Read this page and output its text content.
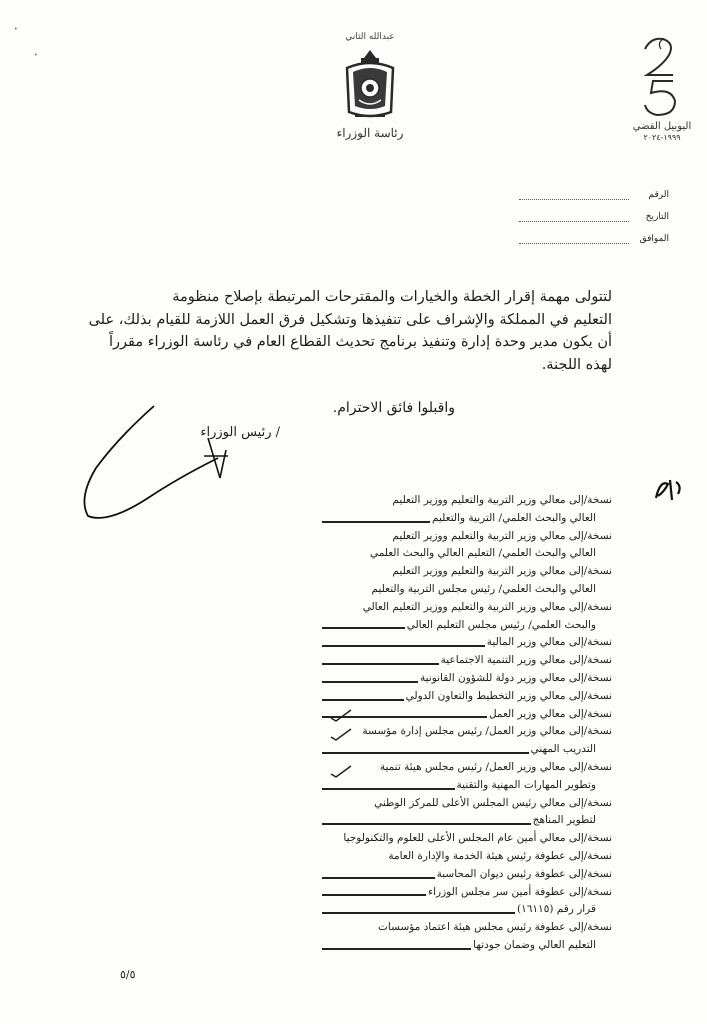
عبدالله الثاني
رئاسة الوزراء	اليوبيل الفضي
١٩٩٩-٢٠٢٤
الرقم
التاريخ
الموافق
لتتولى مهمة إقرار الخطة والخيارات والمقترحات المرتبطة بإصلاح منظومة
التعليم في المملكة والإشراف على تنفيذها وتشكيل فرق العمل اللازمة للقيام بذلك، على
أن يكون مدير وحدة إدارة وتنفيذ برنامج تحديث القطاع العام في رئاسة الوزراء مقرراً
لهذه اللجنة.
واقبلوا فائق الاحترام.
/ رئيس الوزراء
نسخة/إلى معالي وزير التربية والتعليم ووزير التعليم
العالي والبحث العلمي/ التربية والتعليم
نسخة/إلى معالي وزير التربية والتعليم ووزير التعليم
العالي والبحث العلمي/ التعليم العالي والبحث العلمي
نسخة/إلى معالي وزير التربية والتعليم ووزير التعليم
العالي والبحث العلمي/ رئيس مجلس التربية والتعليم
نسخة/إلى معالي وزير التربية والتعليم ووزير التعليم العالي
والبحث العلمي/ رئيس مجلس التعليم العالي
نسخة/إلى معالي وزير المالية
نسخة/إلى معالي وزير التنمية الاجتماعية
نسخة/إلى معالي وزير دولة للشؤون القانونية
نسخة/إلى معالي وزير التخطيط والتعاون الدولي
نسخة/إلى معالي وزير العمل
نسخة/إلى معالي وزير العمل/ رئيس مجلس إدارة مؤسسة
التدريب المهني
نسخة/إلى معالي وزير العمل/ رئيس مجلس هيئة تنمية
وتطوير المهارات المهنية والتقنية
نسخة/إلى معالي رئيس المجلس الأعلى للمركز الوطني
لتطوير المناهج
نسخة/إلى معالي أمين عام المجلس الأعلى للعلوم والتكنولوجيا
نسخة/إلى عطوفة رئيس هيئة الخدمة والإدارة العامة
نسخة/إلى عطوفة رئيس ديوان المحاسبة
نسخة/إلى عطوفة أمين سر مجلس الوزراء
قرار رقم (١٦١١٥)
نسخة/إلى عطوفة رئيس مجلس هيئة اعتماد مؤسسات
التعليم العالي وضمان جودتها
٥/٥
•
•
